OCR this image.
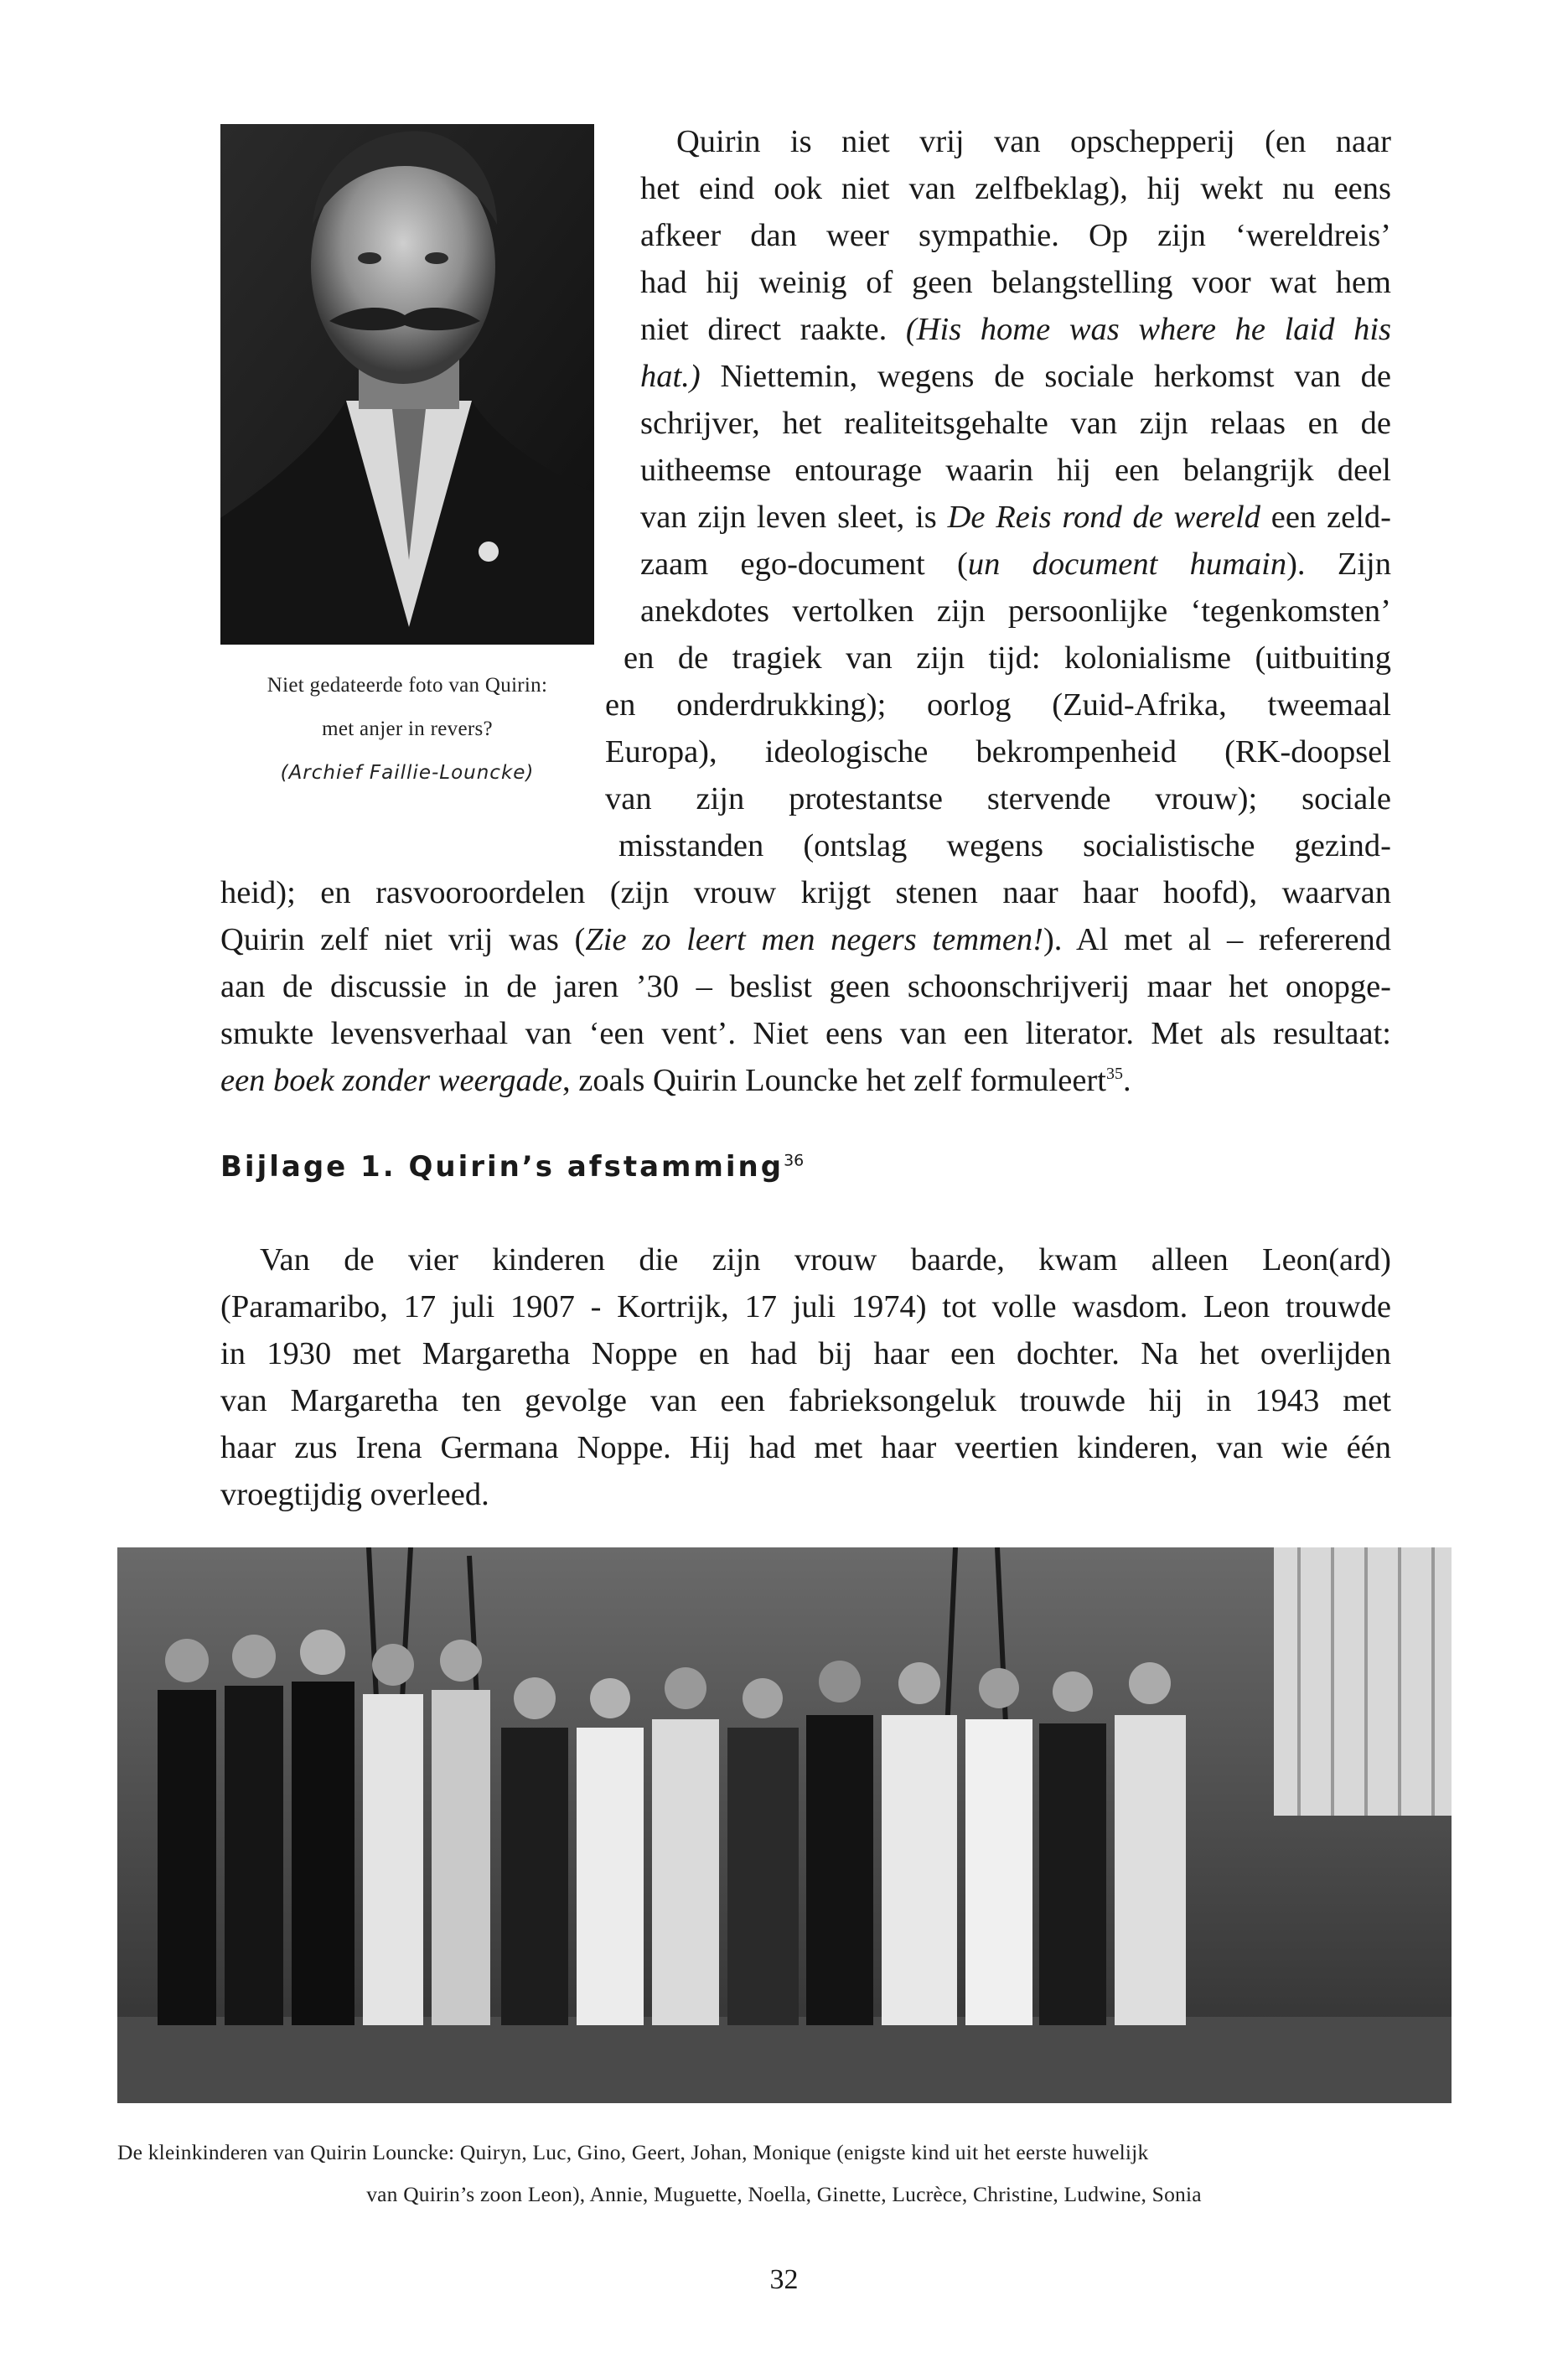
Niet gedateerde foto van Quirin:
met anjer in revers?
(Archief Faillie-Louncke)
Quirin is niet vrij van opschepperij (en naar
het eind ook niet van zelfbeklag), hij wekt nu eens
afkeer dan weer sympathie. Op zijn ‘wereldreis’
had hij weinig of geen belangstelling voor wat hem
niet direct raakte. (His home was where he laid his
hat.) Niettemin, wegens de sociale herkomst van de
schrijver, het realiteitsgehalte van zijn relaas en de
uitheemse entourage waarin hij een belangrijk deel
van zijn leven sleet, is De Reis rond de wereld een zeld-
zaam ego-document (un document humain). Zijn
anekdotes vertolken zijn persoonlijke ‘tegenkomsten’
en de tragiek van zijn tijd: kolonialisme (uitbuiting
en onderdrukking); oorlog (Zuid-Afrika, tweemaal
Europa), ideologische bekrompenheid (RK-doopsel
van zijn protestantse stervende vrouw); sociale
misstanden (ontslag wegens socialistische gezind-
heid); en rasvooroordelen (zijn vrouw krijgt stenen naar haar hoofd), waarvan
Quirin zelf niet vrij was (Zie zo leert men negers temmen!). Al met al – refererend
aan de discussie in de jaren ’30 – beslist geen schoonschrijverij maar het onopge-
smukte levensverhaal van ‘een vent’. Niet eens van een literator. Met als resultaat:
een boek zonder weergade, zoals Quirin Louncke het zelf formuleert$^{35}$.
Bijlage 1. Quirin’s afstamming$^{36}$
Van de vier kinderen die zijn vrouw baarde, kwam alleen Leon(ard)
(Paramaribo, 17 juli 1907 - Kortrijk, 17 juli 1974) tot volle wasdom. Leon trouwde
in 1930 met Margaretha Noppe en had bij haar een dochter. Na het overlijden
van Margaretha ten gevolge van een fabrieksongeluk trouwde hij in 1943 met
haar zus Irena Germana Noppe. Hij had met haar veertien kinderen, van wie één
vroegtijdig overleed.
De kleinkinderen van Quirin Louncke: Quiryn, Luc, Gino, Geert, Johan, Monique (enigste kind uit het eerste huwelijk
van Quirin’s zoon Leon), Annie, Muguette, Noella, Ginette, Lucrèce, Christine, Ludwine, Sonia
32
